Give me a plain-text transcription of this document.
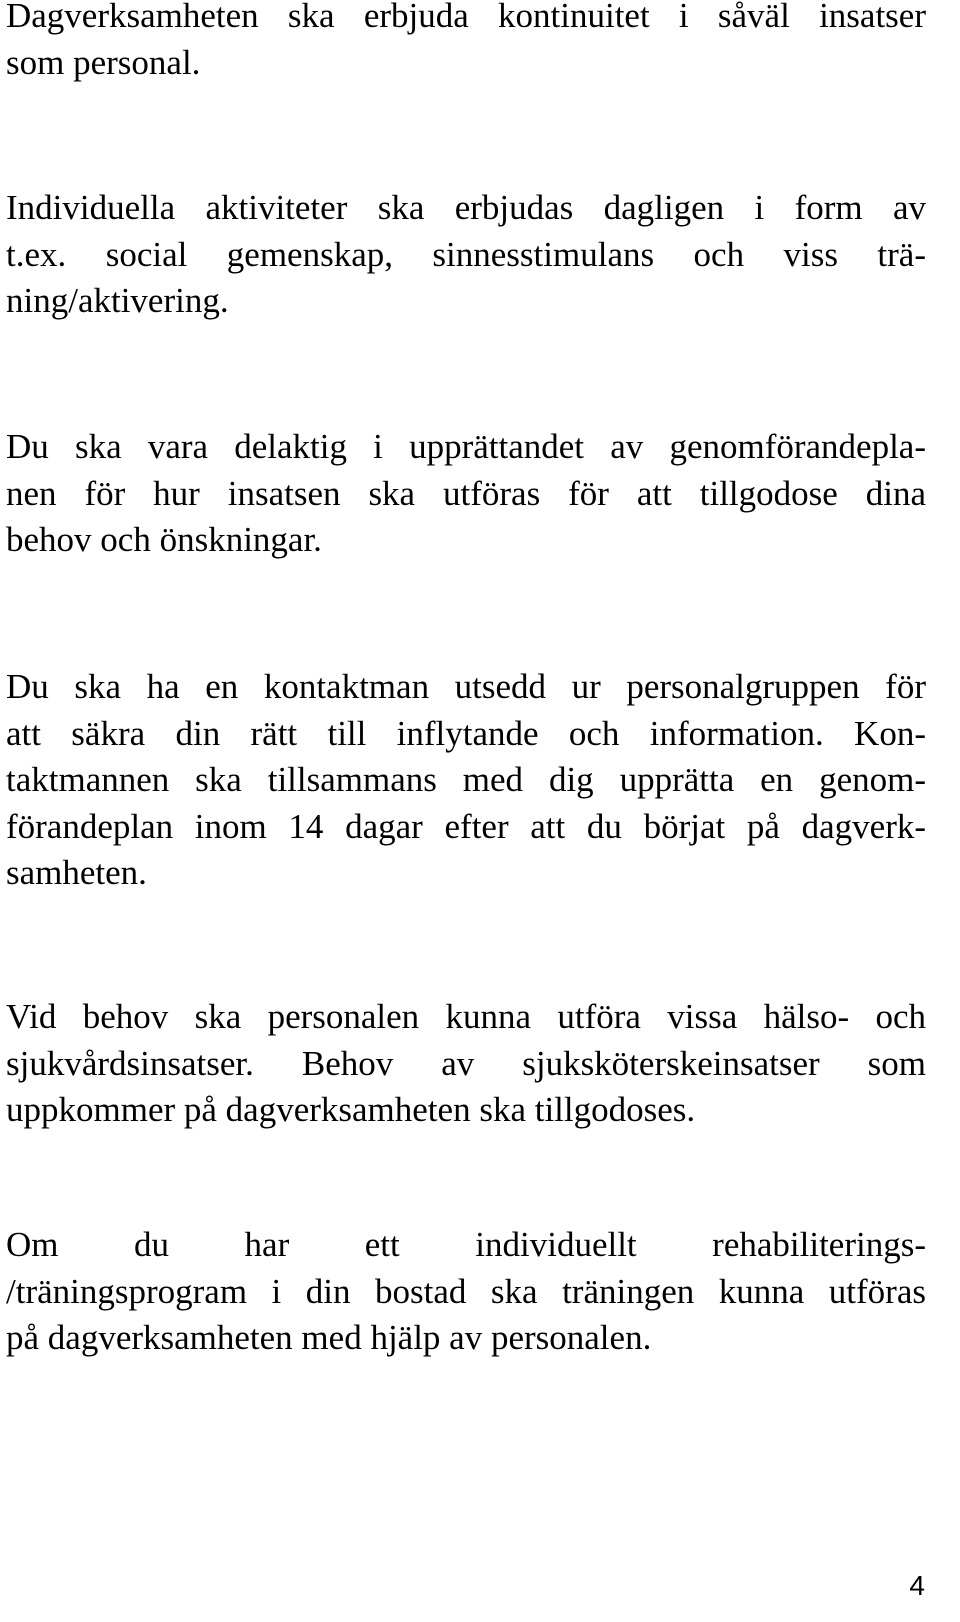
Dagverksamheten ska erbjuda kontinuitet i såväl insatser
som personal.

Individuella aktiviteter ska erbjudas dagligen i form av
t.ex. social gemenskap, sinnesstimulans och viss trä-
ning/aktivering.

Du ska vara delaktig i upprättandet av genomförandepla-
nen för hur insatsen ska utföras för att tillgodose dina
behov och önskningar.

Du ska ha en kontaktman utsedd ur personalgruppen för
att säkra din rätt till inflytande och information. Kon-
taktmannen ska tillsammans med dig upprätta en genom-
förandeplan inom 14 dagar efter att du börjat på dagverk-
samheten.

Vid behov ska personalen kunna utföra vissa hälso- och
sjukvårdsinsatser. Behov av sjuksköterskeinsatser som
uppkommer på dagverksamheten ska tillgodoses.

Om du har ett individuellt rehabiliterings-
/träningsprogram i din bostad ska träningen kunna utföras
på dagverksamheten med hjälp av personalen.

4
